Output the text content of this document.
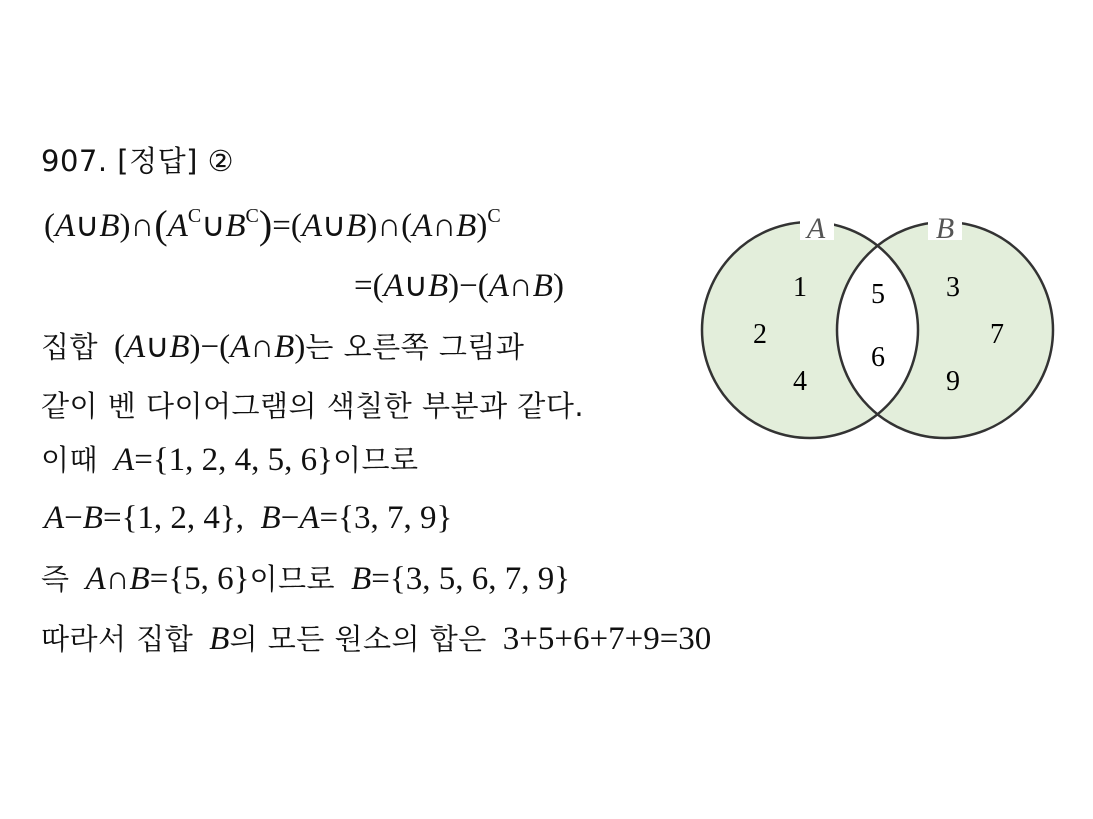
907. [정답] ②
$(A\cup B)\cap(A^C\cup B^C)=(A\cup B)\cap(A\cap B)^C$
=(A∪B)−(A∩B)
집합 (A∪B)−(A∩B)는 오른쪽 그림과
같이 벤 다이어그램의 색칠한 부분과 같다.
이때 A={1, 2, 4, 5, 6}이므로
A−B={1, 2, 4}, B−A={3, 7, 9}
즉 A∩B={5, 6}이므로 B={3, 5, 6, 7, 9}
따라서 집합 B의 모든 원소의 합은 3+5+6+7+9=30
A	B
1
2
4
5
6
3
7
9
